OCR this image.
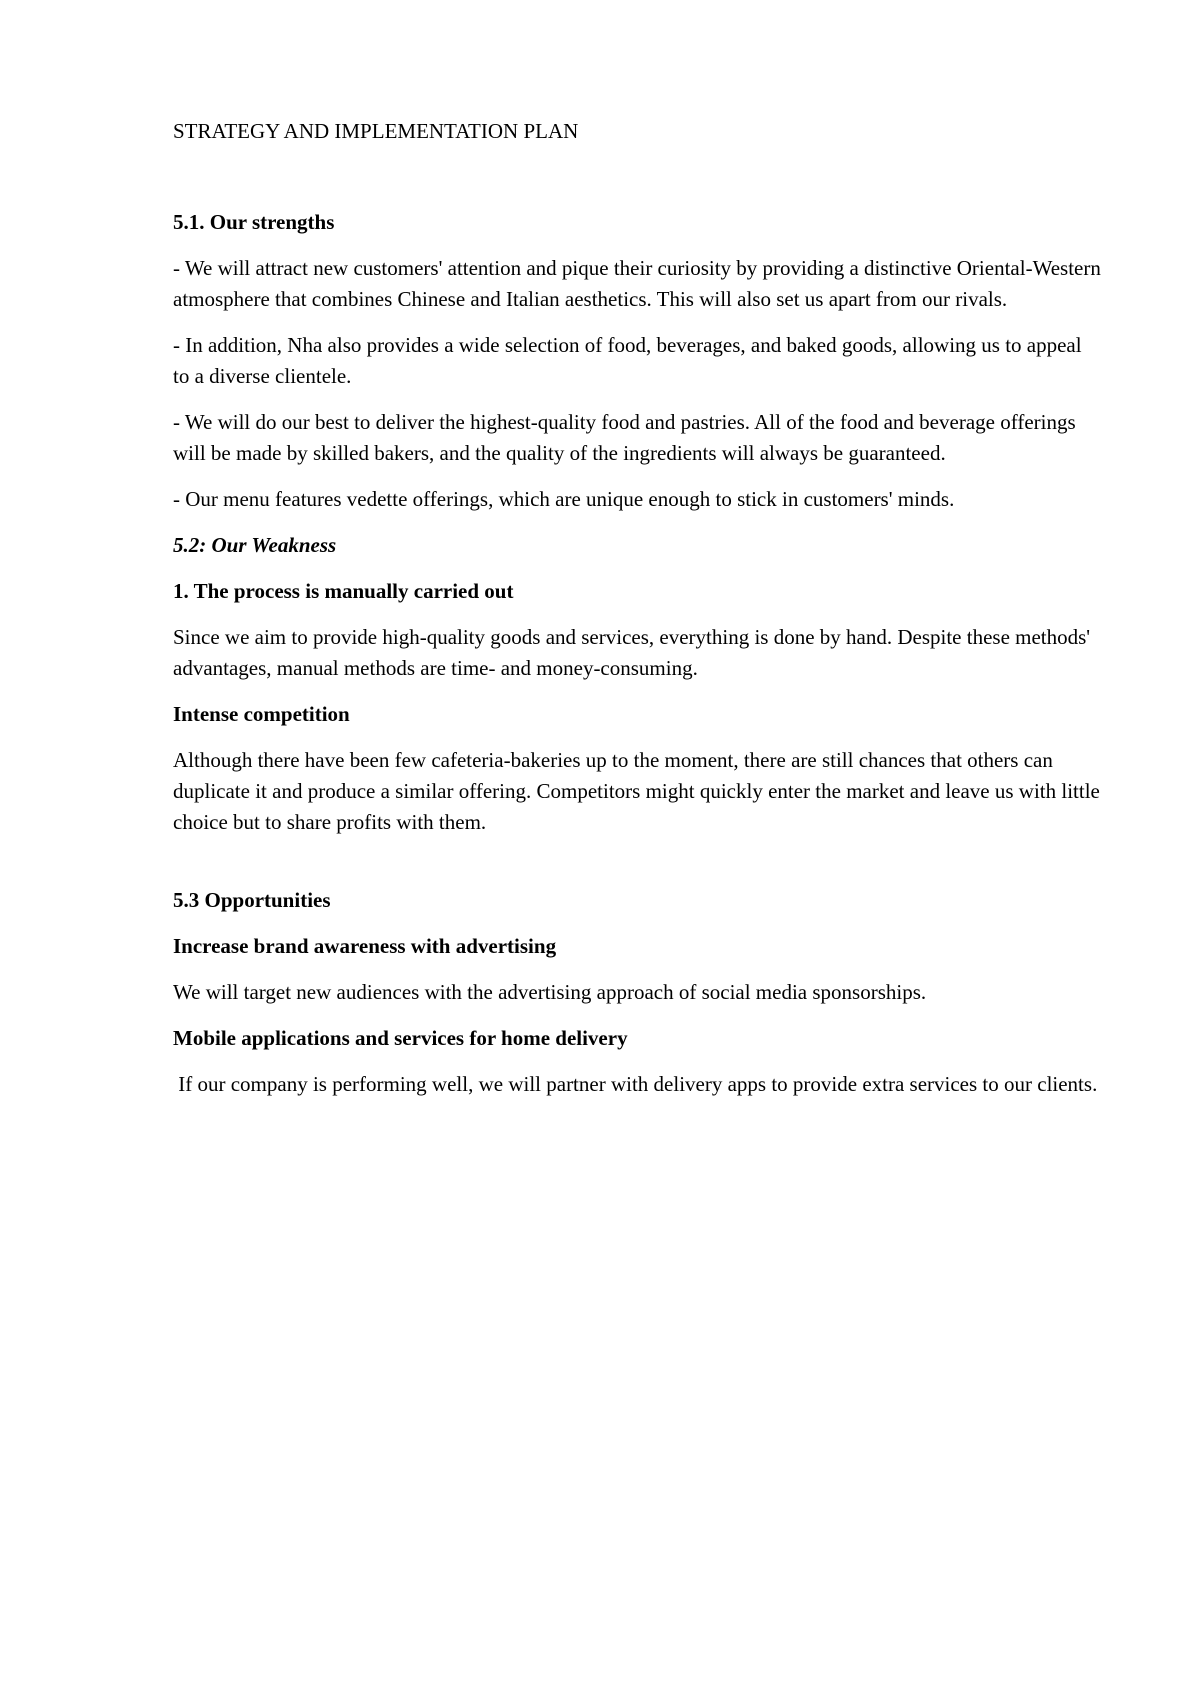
STRATEGY AND IMPLEMENTATION PLAN

5.1. Our strengths

- We will attract new customers' attention and pique their curiosity by providing a distinctive Oriental-Western atmosphere that combines Chinese and Italian aesthetics. This will also set us apart from our rivals.

- In addition, Nha also provides a wide selection of food, beverages, and baked goods, allowing us to appeal to a diverse clientele.

- We will do our best to deliver the highest-quality food and pastries. All of the food and beverage offerings will be made by skilled bakers, and the quality of the ingredients will always be guaranteed.

- Our menu features vedette offerings, which are unique enough to stick in customers' minds.

5.2: Our Weakness
1. The process is manually carried out

Since we aim to provide high-quality goods and services, everything is done by hand. Despite these methods' advantages, manual methods are time- and money-consuming.

Intense competition

Although there have been few cafeteria-bakeries up to the moment, there are still chances that others can duplicate it and produce a similar offering. Competitors might quickly enter the market and leave us with little choice but to share profits with them.

5.3 Opportunities
Increase brand awareness with advertising

We will target new audiences with the advertising approach of social media sponsorships.

Mobile applications and services for home delivery

If our company is performing well, we will partner with delivery apps to provide extra services to our clients.
